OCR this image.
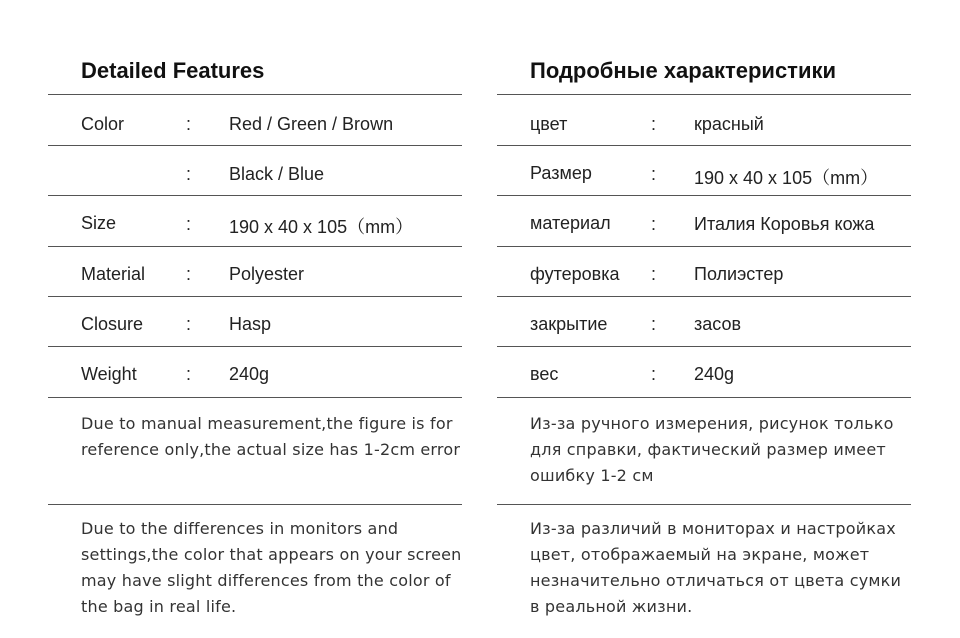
Detailed Features
Color	: Red / Green / Brown
: Black / Blue
Size	: 190 x 40 x 105（mm）
Material : Polyester
Closure : Hasp
Weight	: 240g
Due to manual measurement,the figure is for reference only,the actual size has 1-2cm error
Due to the differences in monitors and settings,the color that appears on your screen may have slight differences from the color of the bag in real life.
Подробные характеристики
цвет	: красный
Размер	: 190 x 40 x 105（mm）
материал : Италия Коровья кожа
футеровка : Полиэстер
закрытие : засов
вес	: 240g
Из-за ручного измерения, рисунок только для справки, фактический размер имеет ошибку 1-2 см
Из-за различий в мониторах и настройках цвет, отображаемый на экране, может незначительно отличаться от цвета сумки в реальной жизни.
